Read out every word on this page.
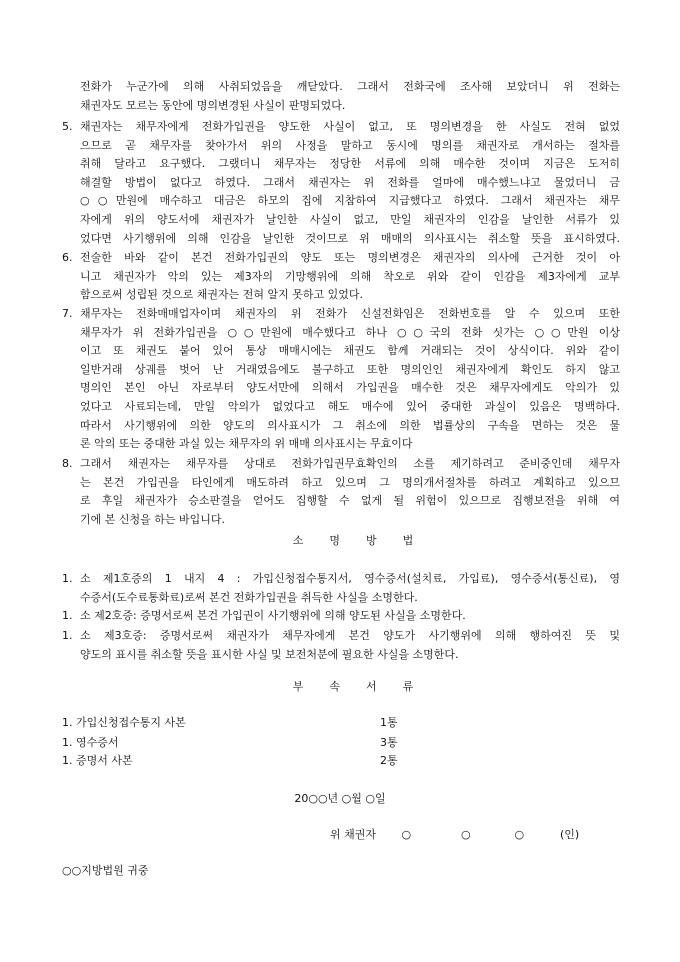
전화가 누군가에 의해 사취되었음을 깨닫았다. 그래서 전화국에 조사해 보았더니 위 전화는
채권자도 모르는 동안에 명의변경된 사실이 판명되었다.
5. 채권자는 채무자에게 전화가입권을 양도한 사실이 없고, 또 명의변경을 한 사실도 전혀 없었
으므로 곧 채무자를 찾아가서 위의 사정을 말하고 동시에 명의를 채권자로 개서하는 절차를
취해 달라고 요구했다. 그랬더니 채무자는 정당한 서류에 의해 매수한 것이며 지금은 도저히
해결할 방법이 없다고 하였다. 그래서 채권자는 위 전화를 얼마에 매수했느냐고 물었더니 금
○○만원에 매수하고 대금은 하모의 집에 지참하여 지급했다고 하였다. 그래서 채권자는 채무
자에게 위의 양도서에 채권자가 날인한 사실이 없고, 만일 채권자의 인감을 날인한 서류가 있
었다면 사기행위에 의해 인감을 날인한 것이므로 위 매매의 의사표시는 취소할 뜻을 표시하였다.
6. 전술한 바와 같이 본건 전화가입권의 양도 또는 명의변경은 채권자의 의사에 근거한 것이 아
니고 채권자가 악의 있는 제3자의 기망행위에 의해 착오로 위와 같이 인감을 제3자에게 교부
함으로써 성립된 것으로 채권자는 전혀 알지 못하고 있었다.
7. 채무자는 전화매매업자이며 채권자의 위 전화가 신설전화임은 전화번호를 알 수 있으며 또한
채무자가 위 전화가입권을 ○○만원에 매수했다고 하나 ○○국의 전화 싯가는 ○○만원 이상
이고 또 채권도 붙어 있어 통상 매매시에는 채권도 함께 거래되는 것이 상식이다. 위와 같이
일반거래 상궤를 벗어 난 거래였음에도 불구하고 또한 명의인인 채권자에게 확인도 하지 않고
명의인 본인 아닌 자로부터 양도서만에 의해서 가입권을 매수한 것은 채무자에게도 악의가 있
었다고 사료되는데, 만일 악의가 없었다고 해도 매수에 있어 중대한 과실이 있음은 명백하다.
따라서 사기행위에 의한 양도의 의사표시가 그 취소에 의한 법률상의 구속을 면하는 것은 물
론 악의 또는 중대한 과실 있는 채무자의 위 매매 의사표시는 무효이다
8. 그래서 채권자는 채무자를 상대로 전화가입권무효확인의 소를 제기하려고 준비중인데 채무자
는 본건 가입권을 타인에게 매도하려 하고 있으며 그 명의개서절차를 하려고 계획하고 있으므
로 후일 채권자가 승소판결을 얻어도 집행할 수 없게 될 위험이 있으므로 집행보전을 위해 여
기에 본 신청을 하는 바입니다.
소명방법
1. 소 제1호증의 1 내지 4 : 가입신청접수통지서, 영수증서(설치료, 가입료), 영수증서(통신료), 영
수증서(도수료통화료)로써 본건 전화가입권을 취득한 사실을 소명한다.
1. 소 제2호증: 증명서로써 본건 가입권이 사기행위에 의해 양도된 사실을 소명한다.
1. 소 제3호증: 증명서로써 채권자가 채무자에게 본건 양도가 사기행위에 의해 행하여진 뜻 및
양도의 표시를 취소할 뜻을 표시한 사실 및 보전처분에 필요한 사실을 소명한다.
부속서류
1. 가입신청접수통지 사본	1통
1. 영수증서	3통
1. 증명서 사본	2통
20○○년 ○월 ○일
위 채권자 ○	○	○	(인)
○○지방법원 귀중
